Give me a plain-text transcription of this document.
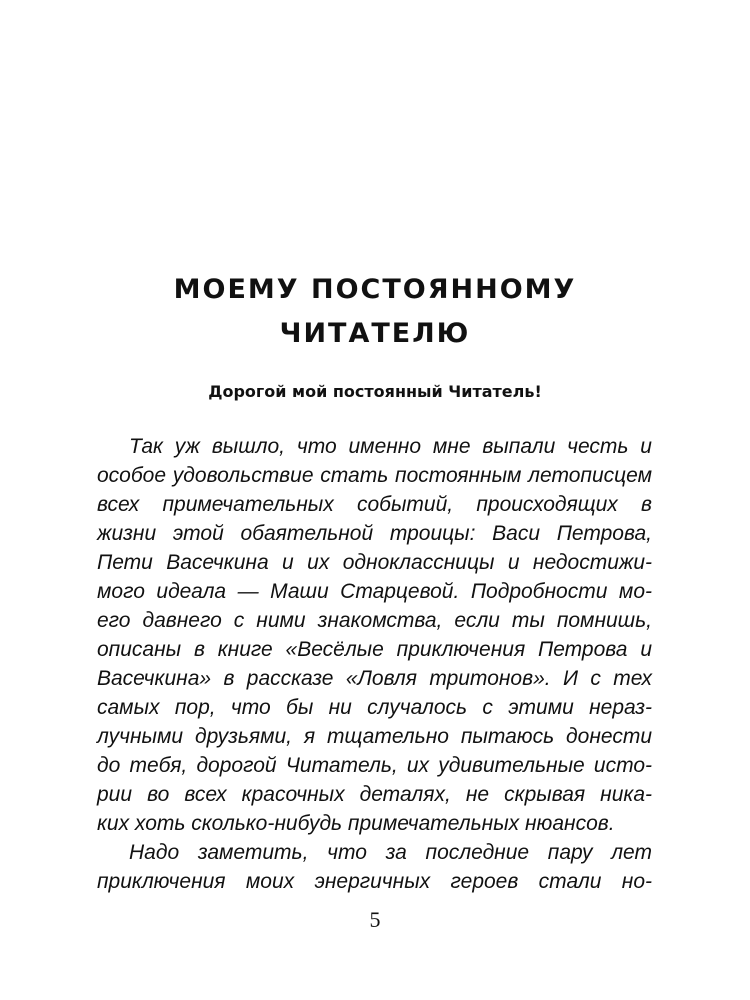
МОЕМУ ПОСТОЯННОМУ
ЧИТАТЕЛЮ
Дорогой мой постоянный Читатель!
Так уж вышло, что именно мне выпали честь и
особое удовольствие стать постоянным летописцем
всех примечательных событий, происходящих в
жизни этой обаятельной троицы: Васи Петрова,
Пети Васечкина и их одноклассницы и недостижи-
мого идеала — Маши Старцевой. Подробности мо-
его давнего с ними знакомства, если ты помнишь,
описаны в книге «Весёлые приключения Петрова и
Васечкина» в рассказе «Ловля тритонов». И с тех
самых пор, что бы ни случалось с этими нераз-
лучными друзьями, я тщательно пытаюсь донести
до тебя, дорогой Читатель, их удивительные исто-
рии во всех красочных деталях, не скрывая ника-
ких хоть сколько-нибудь примечательных нюансов.
Надо заметить, что за последние пару лет
приключения моих энергичных героев стали но-
5
